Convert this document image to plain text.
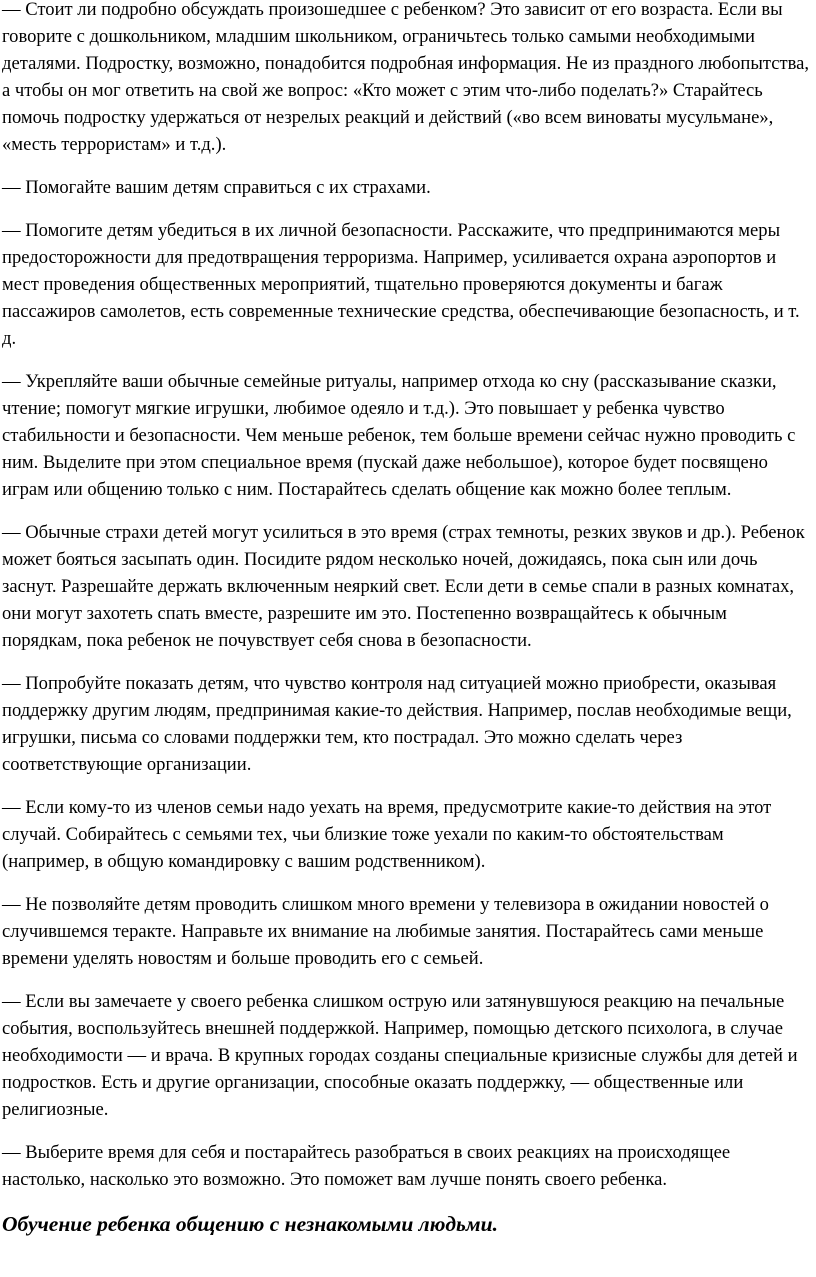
— Стоит ли подробно обсуждать произошедшее с ребенком? Это зависит от его возраста. Если вы говорите с дошкольником, младшим школьником, ограничьтесь только самыми необходимыми деталями. Подростку, возможно, понадобится подробная информация. Не из праздного любопытства, а чтобы он мог ответить на свой же вопрос: «Кто может с этим что-либо поделать?» Старайтесь помочь подростку удержаться от незрелых реакций и действий («во всем виноваты мусульмане», «месть террористам» и т.д.).

— Помогайте вашим детям справиться с их страхами.

— Помогите детям убедиться в их личной безопасности. Расскажите, что предпринимаются меры предосторожности для предотвращения терроризма. Например, усиливается охрана аэропортов и мест проведения общественных мероприятий, тщательно проверяются документы и багаж пассажиров самолетов, есть современные технические средства, обеспечивающие безопасность, и т. д.

— Укрепляйте ваши обычные семейные ритуалы, например отхода ко сну (рассказывание сказки, чтение; помогут мягкие игрушки, любимое одеяло и т.д.). Это повышает у ребенка чувство стабильности и безопасности. Чем меньше ребенок, тем больше времени сейчас нужно проводить с ним. Выделите при этом специальное время (пускай даже небольшое), которое будет посвящено играм или общению только с ним. Постарайтесь сделать общение как можно более теплым.

— Обычные страхи детей могут усилиться в это время (страх темноты, резких звуков и др.). Ребенок может бояться засыпать один. Посидите рядом несколько ночей, дожидаясь, пока сын или дочь заснут. Разрешайте держать включенным неяркий свет. Если дети в семье спали в разных комнатах, они могут захотеть спать вместе, разрешите им это. Постепенно возвращайтесь к обычным порядкам, пока ребенок не почувствует себя снова в безопасности.

— Попробуйте показать детям, что чувство контроля над ситуацией можно приобрести, оказывая поддержку другим людям, предпринимая какие-то действия. Например, послав необходимые вещи, игрушки, письма со словами поддержки тем, кто пострадал. Это можно сделать через соответствующие организации.

— Если кому-то из членов семьи надо уехать на время, предусмотрите какие-то действия на этот случай. Собирайтесь с семьями тех, чьи близкие тоже уехали по каким-то обстоятельствам (например, в общую командировку с вашим родственником).

— Не позволяйте детям проводить слишком много времени у телевизора в ожидании новостей о случившемся теракте. Направьте их внимание на любимые занятия. Постарайтесь сами меньше времени уделять новостям и больше проводить его с семьей.

— Если вы замечаете у своего ребенка слишком острую или затянувшуюся реакцию на печальные события, воспользуйтесь внешней поддержкой. Например, помощью детского психолога, в случае необходимости — и врача. В крупных городах созданы специальные кризисные службы для детей и подростков. Есть и другие организации, способные оказать поддержку, — общественные или религиозные.

— Выберите время для себя и постарайтесь разобраться в своих реакциях на происходящее настолько, насколько это возможно. Это поможет вам лучше понять своего ребенка.

Обучение ребенка общению с незнакомыми людьми.
